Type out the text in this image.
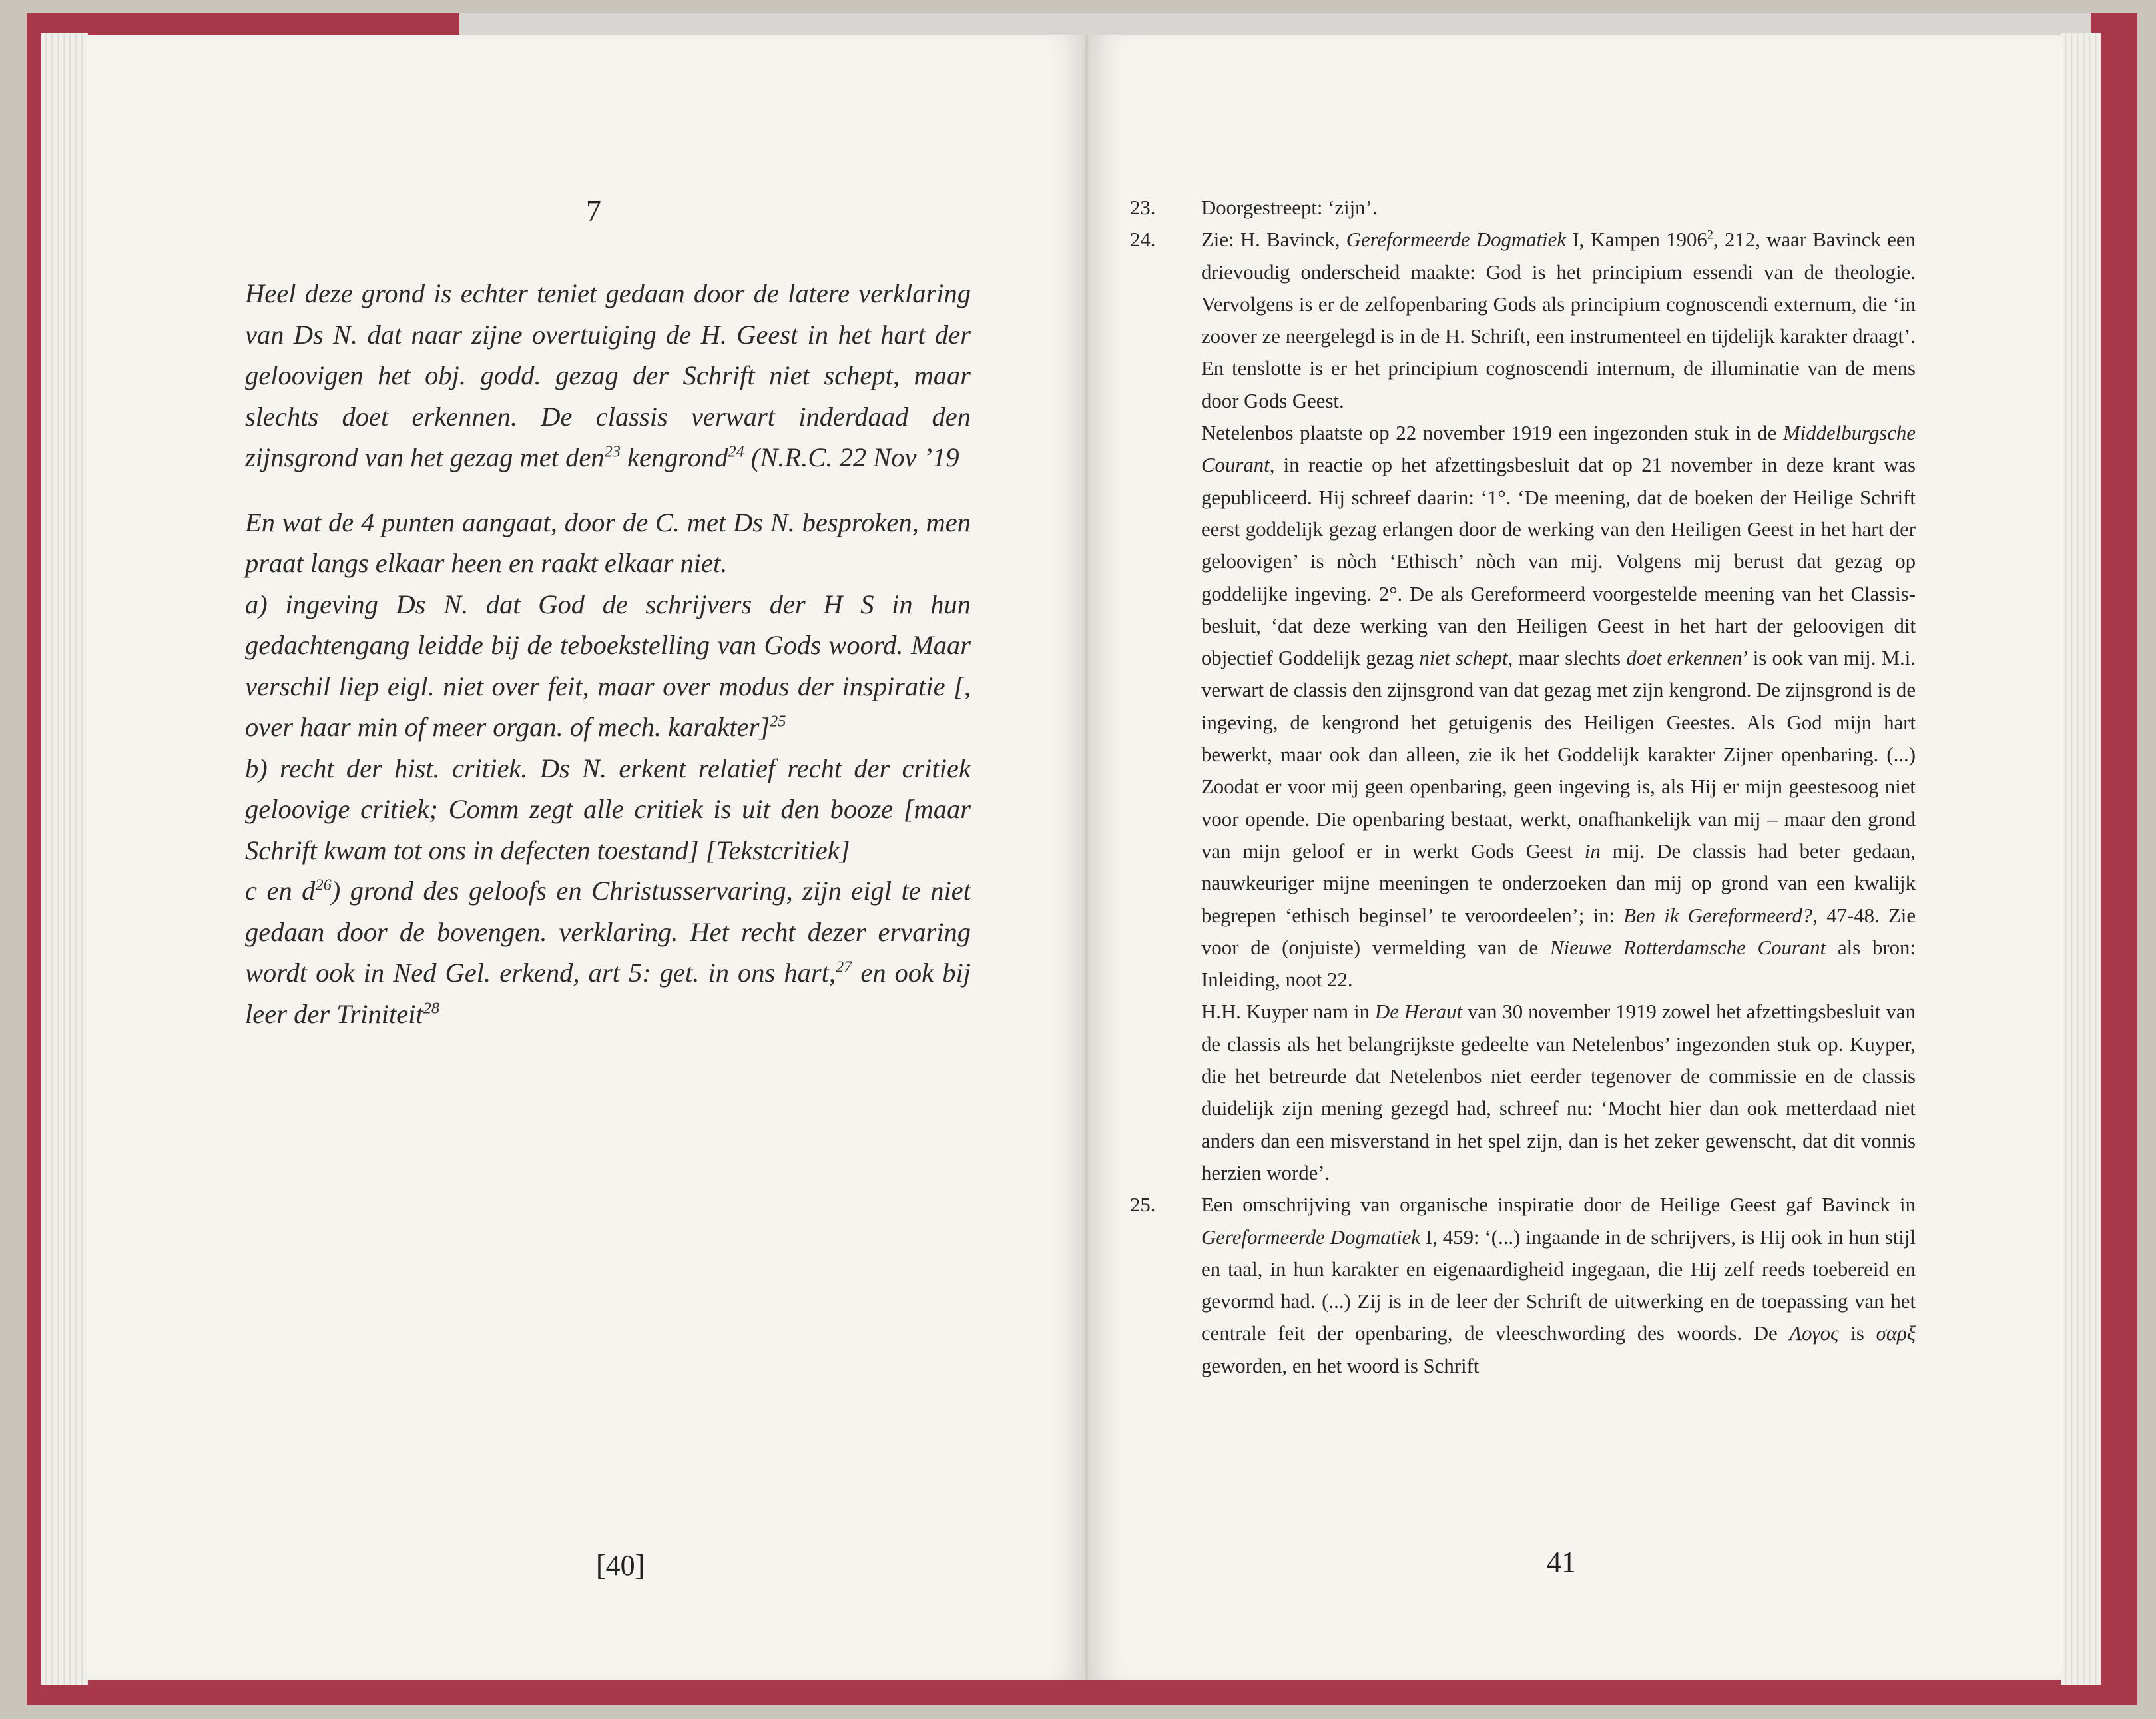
7

Heel deze grond is echter teniet gedaan door de latere verklaring van Ds N. dat naar zijne overtuiging de H. Geest in het hart der geloovigen het obj. godd. gezag der Schrift niet schept, maar slechts doet erkennen. De classis verwart inderdaad den zijnsgrond van het gezag met den$^{23}$ kengrond$^{24}$ (N.R.C. 22 Nov ’19

En wat de 4 punten aangaat, door de C. met Ds N. besproken, men praat langs elkaar heen en raakt elkaar niet.

a) ingeving Ds N. dat God de schrijvers der H S in hun gedachtengang leidde bij de teboekstelling van Gods woord. Maar verschil liep eigl. niet over feit, maar over modus der inspiratie [, over haar min of meer organ. of mech. karakter]$^{25}$

b) recht der hist. critiek. Ds N. erkent relatief recht der critiek geloovige critiek; Comm zegt alle critiek is uit den booze [maar Schrift kwam tot ons in defecten toestand] [Tekstcritiek]

c en $d^{26}$) grond des geloofs en Christusservaring, zijn eigl te niet gedaan door de bovengen. verklaring. Het recht dezer ervaring wordt ook in Ned Gel. erkend, art 5: get. in ons hart,$^{27}$ en ook bij leer der Triniteit$^{28}$

[40]
23.	Doorgestreept: ‘zijn’.

24.	Zie: H. Bavinck, Gereformeerde Dogmatiek I, Kampen 1906$^2$, 212, waar Bavinck een drievoudig onderscheid maakte: God is het principium essendi van de theologie. Vervolgens is er de zelfopenbaring Gods als principium cognoscendi externum, die ‘in zoover ze neergelegd is in de H. Schrift, een instrumenteel en tijdelijk karakter draagt’. En tenslotte is er het principium cognoscendi internum, de illuminatie van de mens door Gods Geest.

Netelenbos plaatste op 22 november 1919 een ingezonden stuk in de Middelburgsche Courant, in reactie op het afzettingsbesluit dat op 21 november in deze krant was gepubliceerd. Hij schreef daarin: ‘1°. ‘De meening, dat de boeken der Heilige Schrift eerst goddelijk gezag erlangen door de werking van den Heiligen Geest in het hart der geloovigen’ is nòch ‘Ethisch’ nòch van mij. Volgens mij berust dat gezag op goddelijke ingeving. 2°. De als Gereformeerd voorgestelde meening van het Classis-besluit, ‘dat deze werking van den Heiligen Geest in het hart der geloovigen dit objectief Goddelijk gezag niet schept, maar slechts doet erkennen’ is ook van mij. M.i. verwart de classis den zijnsgrond van dat gezag met zijn kengrond. De zijnsgrond is de ingeving, de kengrond het getuigenis des Heiligen Geestes. Als God mijn hart bewerkt, maar ook dan alleen, zie ik het Goddelijk karakter Zijner openbaring. (...) Zoodat er voor mij geen openbaring, geen ingeving is, als Hij er mijn geestesoog niet voor opende. Die openbaring bestaat, werkt, onafhankelijk van mij – maar den grond van mijn geloof er in werkt Gods Geest in mij. De classis had beter gedaan, nauwkeuriger mijne meeningen te onderzoeken dan mij op grond van een kwalijk begrepen ‘ethisch beginsel’ te veroordeelen’; in: Ben ik Gereformeerd?, 47-48. Zie voor de (onjuiste) vermelding van de Nieuwe Rotterdamsche Courant als bron: Inleiding, noot 22.

H.H. Kuyper nam in De Heraut van 30 november 1919 zowel het afzettingsbesluit van de classis als het belangrijkste gedeelte van Netelenbos’ ingezonden stuk op. Kuyper, die het betreurde dat Netelenbos niet eerder tegenover de commissie en de classis duidelijk zijn mening gezegd had, schreef nu: ‘Mocht hier dan ook metterdaad niet anders dan een misverstand in het spel zijn, dan is het zeker gewenscht, dat dit vonnis herzien worde’.

25.	Een omschrijving van organische inspiratie door de Heilige Geest gaf Bavinck in Gereformeerde Dogmatiek I, 459: ‘(...) ingaande in de schrijvers, is Hij ook in hun stijl en taal, in hun karakter en eigenaardigheid ingegaan, die Hij zelf reeds toebereid en gevormd had. (...) Zij is in de leer der Schrift de uitwerking en de toepassing van het centrale feit der openbaring, de vleeschwording des woords. De Λογος is σαρξ geworden, en het woord is Schrift

41
